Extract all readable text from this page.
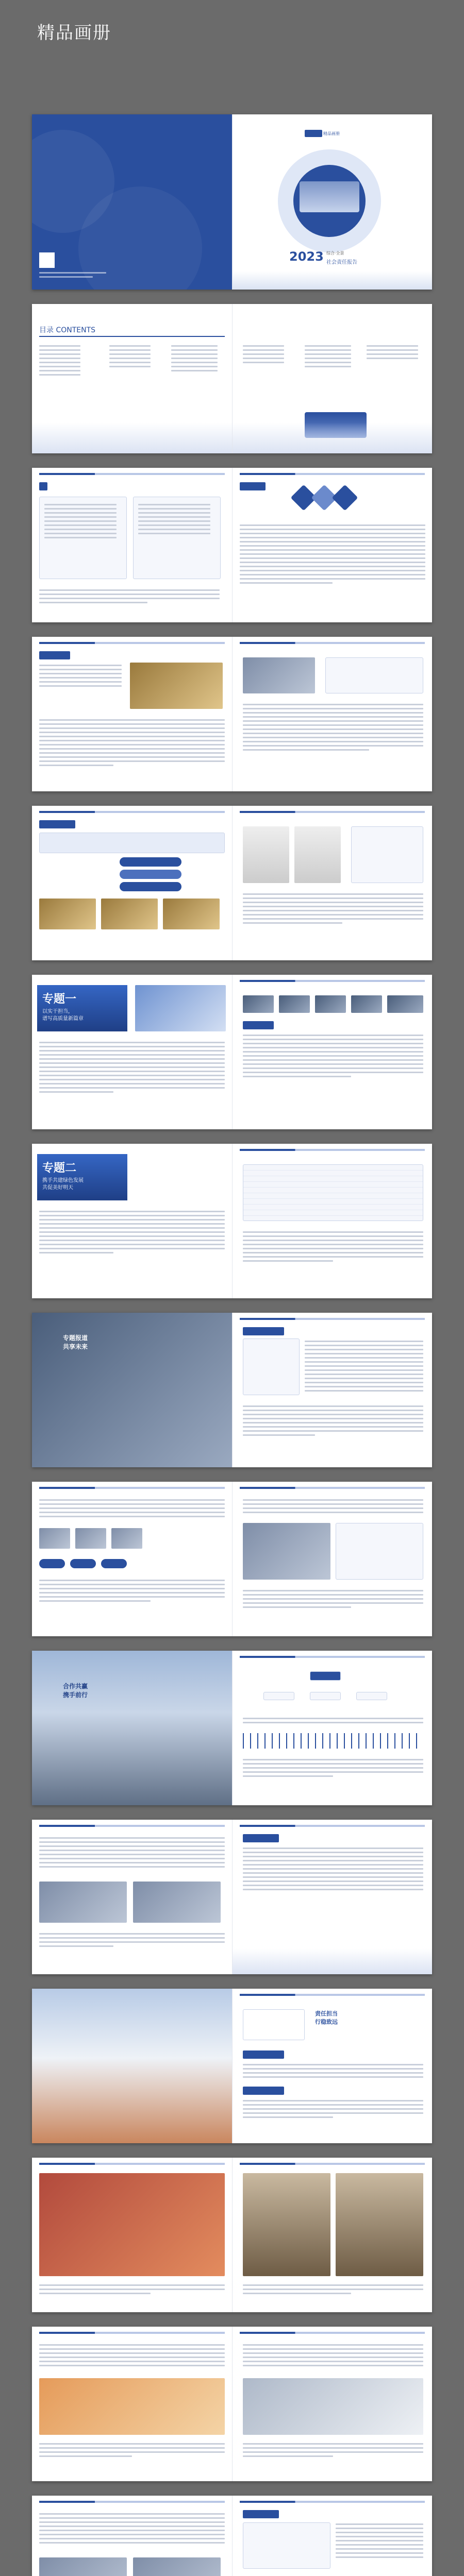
精品画册
精品画册
2023 综合·全景
社会责任报告
目录 CONTENTS
专题一
以实干担当，
谱写高质量新篇章
专题二
携手共建绿色发展
共促美好明天
专题报道
共享未来
合作共赢
携手前行
责任担当
行稳致远
